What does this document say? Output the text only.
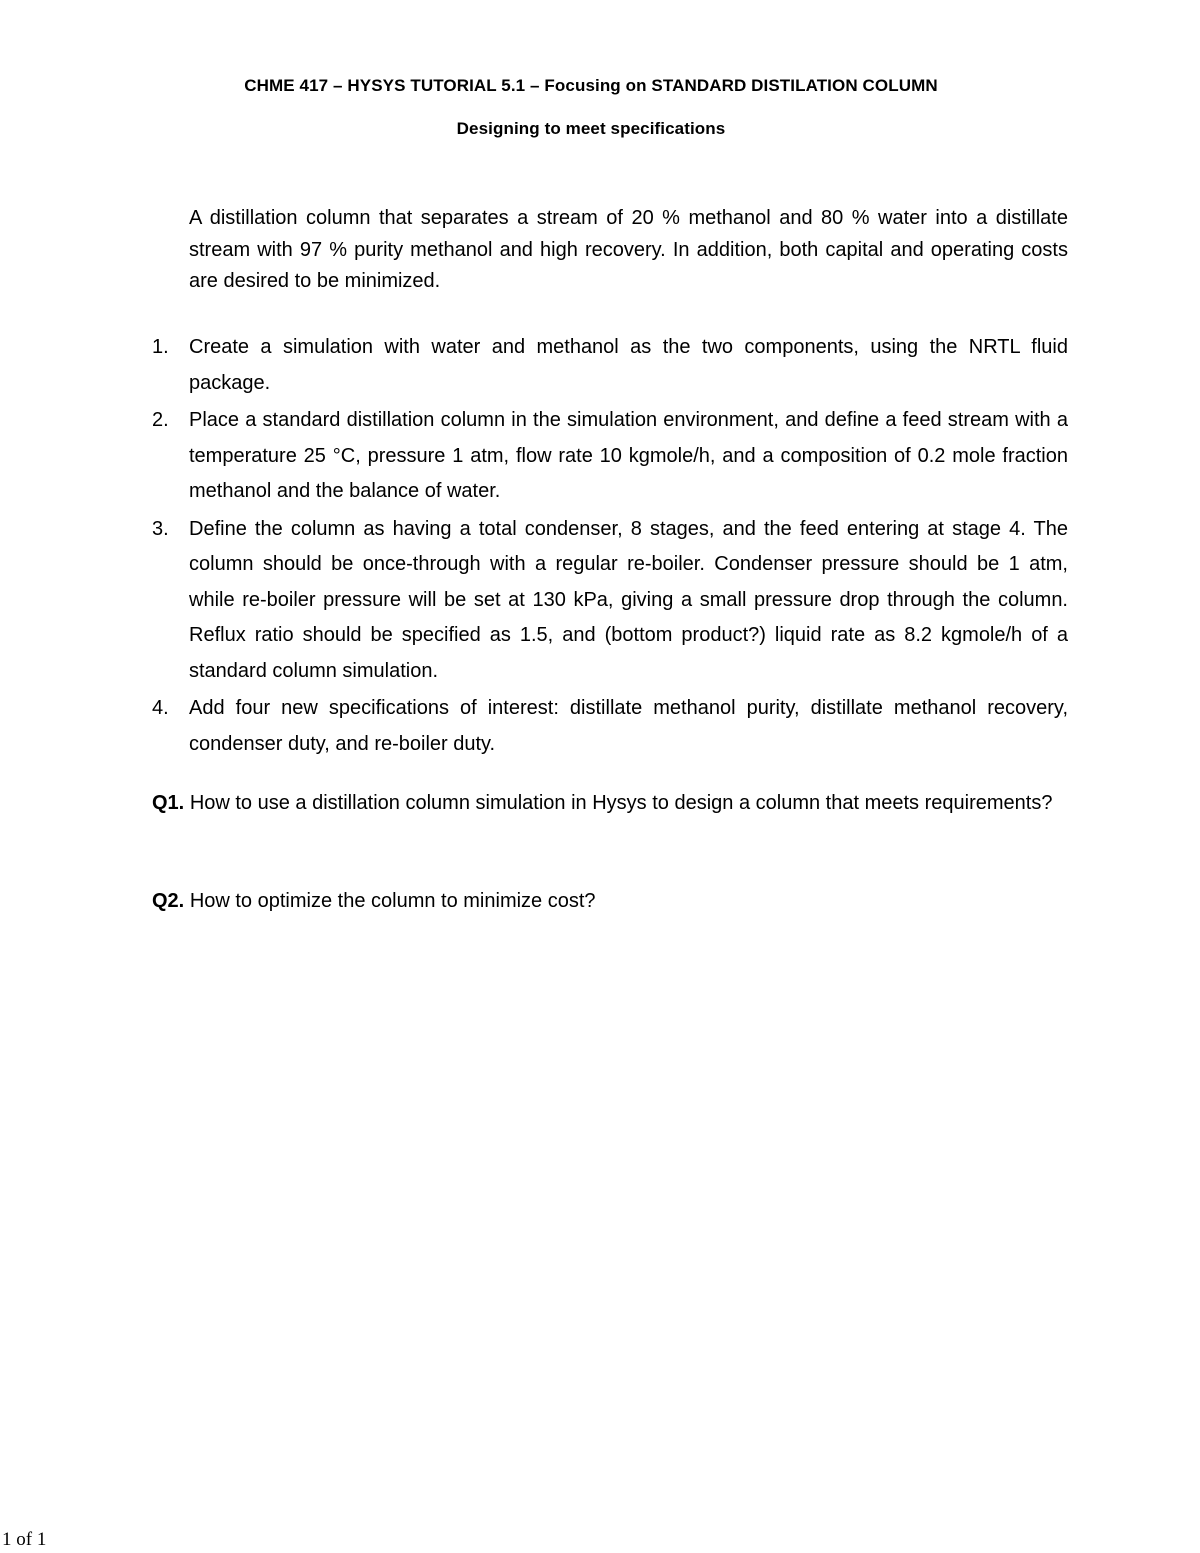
CHME 417 – HYSYS TUTORIAL 5.1 – Focusing on STANDARD DISTILATION COLUMN
Designing to meet specifications
A distillation column that separates a stream of 20 % methanol and 80 % water into a distillate stream with 97 % purity methanol and high recovery. In addition, both capital and operating costs are desired to be minimized.
1. Create a simulation with water and methanol as the two components, using the NRTL fluid package.
2. Place a standard distillation column in the simulation environment, and define a feed stream with a temperature 25 °C, pressure 1 atm, flow rate 10 kgmole/h, and a composition of 0.2 mole fraction methanol and the balance of water.
3. Define the column as having a total condenser, 8 stages, and the feed entering at stage 4. The column should be once-through with a regular re-boiler. Condenser pressure should be 1 atm, while re-boiler pressure will be set at 130 kPa, giving a small pressure drop through the column. Reflux ratio should be specified as 1.5, and (bottom product?) liquid rate as 8.2 kgmole/h of a standard column simulation.
4. Add four new specifications of interest: distillate methanol purity, distillate methanol recovery, condenser duty, and re-boiler duty.
Q1. How to use a distillation column simulation in Hysys to design a column that meets requirements?
Q2. How to optimize the column to minimize cost?
1 of 1
